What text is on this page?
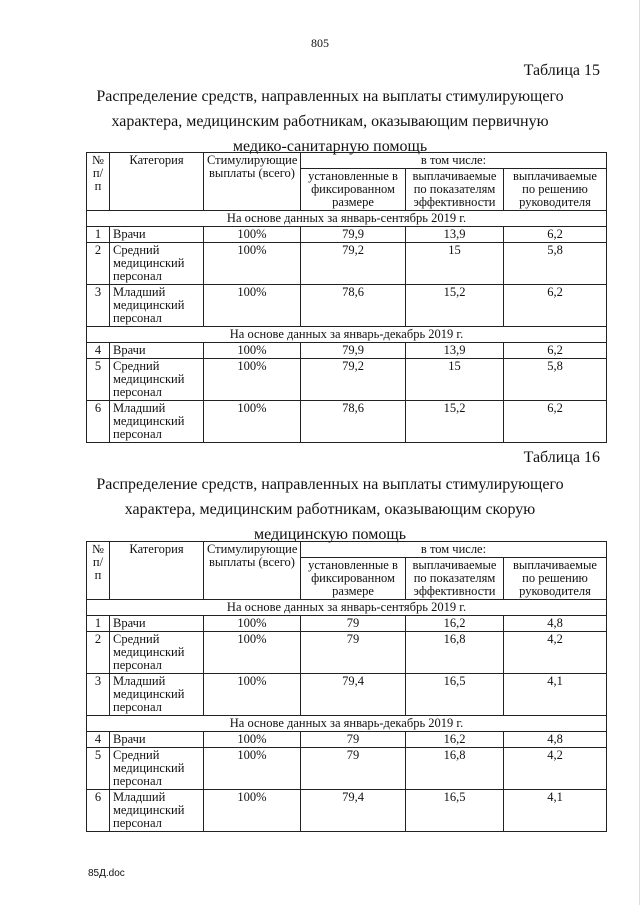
805
Таблица 15
Распределение средств, направленных на выплаты стимулирующего характера, медицинским работникам, оказывающим первичную медико-санитарную помощь
№ п/п	Категория	Стимулирующие выплаты (всего)	в том числе:		
			установленные в фиксированном размере	выплачиваемые по показателям эффективности	выплачиваемые по решению руководителя
На основе данных за январь-сентябрь 2019 г.					
1	Врачи	100%	79,9	13,9	6,2
2	Средний медицинский персонал	100%	79,2	15	5,8
3	Младший медицинский персонал	100%	78,6	15,2	6,2
На основе данных за январь-декабрь 2019 г.					
4	Врачи	100%	79,9	13,9	6,2
5	Средний медицинский персонал	100%	79,2	15	5,8
6	Младший медицинский персонал	100%	78,6	15,2	6,2
Таблица 16
Распределение средств, направленных на выплаты стимулирующего характера, медицинским работникам, оказывающим скорую медицинскую помощь
№ п/п	Категория	Стимулирующие выплаты (всего)	в том числе:		
			установленные в фиксированном размере	выплачиваемые по показателям эффективности	выплачиваемые по решению руководителя
На основе данных за январь-сентябрь 2019 г.					
1	Врачи	100%	79	16,2	4,8
2	Средний медицинский персонал	100%	79	16,8	4,2
3	Младший медицинский персонал	100%	79,4	16,5	4,1
На основе данных за январь-декабрь 2019 г.					
4	Врачи	100%	79	16,2	4,8
5	Средний медицинский персонал	100%	79	16,8	4,2
6	Младший медицинский персонал	100%	79,4	16,5	4,1
85Д.doc
